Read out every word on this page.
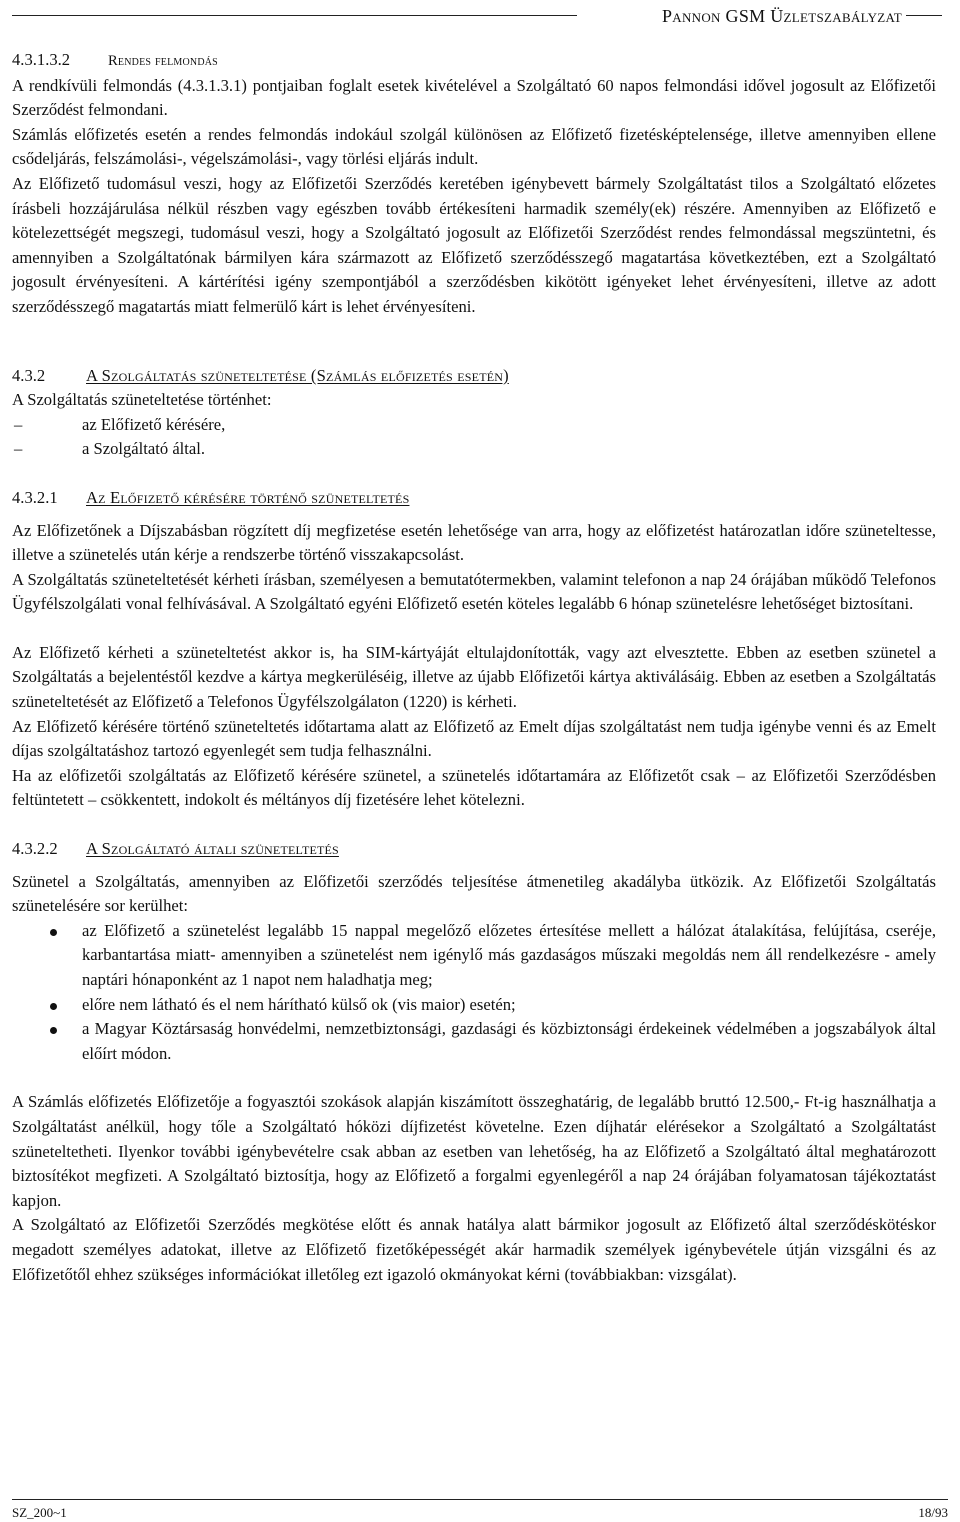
Pannon GSM Üzletszabályzat
4.3.1.3.2	Rendes felmondás

A rendkívüli felmondás (4.3.1.3.1) pontjaiban foglalt esetek kivételével a Szolgáltató 60 napos felmondási idővel jogosult az Előfizetői Szerződést felmondani.

Számlás előfizetés esetén a rendes felmondás indokául szolgál különösen az Előfizető fizetésképtelensége, illetve amennyiben ellene csődeljárás, felszámolási-, végelszámolási-, vagy törlési eljárás indult.

Az Előfizető tudomásul veszi, hogy az Előfizetői Szerződés keretében igénybevett bármely Szolgáltatást tilos a Szolgáltató előzetes írásbeli hozzájárulása nélkül részben vagy egészben tovább értékesíteni harmadik személy(ek) részére. Amennyiben az Előfizető e kötelezettségét megszegi, tudomásul veszi, hogy a Szolgáltató jogosult az Előfizetői Szerződést rendes felmondással megszüntetni, és amennyiben a Szolgáltatónak bármilyen kára származott az Előfizető szerződésszegő magatartása következtében, ezt a Szolgáltató jogosult érvényesíteni. A kártérítési igény szempontjából a szerződésben kikötött igényeket lehet érvényesíteni, illetve az adott szerződésszegő magatartás miatt felmerülő kárt is lehet érvényesíteni.

4.3.2 A Szolgáltatás szüneteltetése (Számlás előfizetés esetén)

A Szolgáltatás szüneteltetése történhet:

–	az Előfizető kérésére,
–	a Szolgáltató által.
4.3.2.1 Az Előfizető kérésére történő szüneteltetés

Az Előfizetőnek a Díjszabásban rögzített díj megfizetése esetén lehetősége van arra, hogy az előfizetést határozatlan időre szüneteltesse, illetve a szünetelés után kérje a rendszerbe történő visszakapcsolást.

A Szolgáltatás szüneteltetését kérheti írásban, személyesen a bemutatótermekben, valamint telefonon a nap 24 órájában működő Telefonos Ügyfélszolgálati vonal felhívásával. A Szolgáltató egyéni Előfizető esetén köteles legalább 6 hónap szünetelésre lehetőséget biztosítani.

Az Előfizető kérheti a szüneteltetést akkor is, ha SIM-kártyáját eltulajdonították, vagy azt elvesztette. Ebben az esetben szünetel a Szolgáltatás a bejelentéstől kezdve a kártya megkerüléséig, illetve az újabb Előfizetői kártya aktiválásáig. Ebben az esetben a Szolgáltatás szüneteltetését az Előfizető a Telefonos Ügyfélszolgálaton (1220) is kérheti.

Az Előfizető kérésére történő szüneteltetés időtartama alatt az Előfizető az Emelt díjas szolgáltatást nem tudja igénybe venni és az Emelt díjas szolgáltatáshoz tartozó egyenlegét sem tudja felhasználni.

Ha az előfizetői szolgáltatás az Előfizető kérésére szünetel, a szünetelés időtartamára az Előfizetőt csak – az Előfizetői Szerződésben feltüntetett – csökkentett, indokolt és méltányos díj fizetésére lehet kötelezni.

4.3.2.2 A Szolgáltató általi szüneteltetés

Szünetel a Szolgáltatás, amennyiben az Előfizetői szerződés teljesítése átmenetileg akadályba ütközik. Az Előfizetői Szolgáltatás szünetelésére sor kerülhet:

az Előfizető a szünetelést legalább 15 nappal megelőző előzetes értesítése mellett a hálózat átalakítása, felújítása, cseréje, karbantartása miatt- amennyiben a szünetelést nem igénylő más gazdaságos műszaki megoldás nem áll rendelkezésre - amely naptári hónaponként az 1 napot nem haladhatja meg;
előre nem látható és el nem hárítható külső ok (vis maior) esetén;
a Magyar Köztársaság honvédelmi, nemzetbiztonsági, gazdasági és közbiztonsági érdekeinek védelmében a jogszabályok által előírt módon.

A Számlás előfizetés Előfizetője a fogyasztói szokások alapján kiszámított összeghatárig, de legalább bruttó 12.500,- Ft-ig használhatja a Szolgáltatást anélkül, hogy tőle a Szolgáltató hóközi díjfizetést követelne. Ezen díjhatár elérésekor a Szolgáltató a Szolgáltatást szüneteltetheti. Ilyenkor további igénybevételre csak abban az esetben van lehetőség, ha az Előfizető a Szolgáltató által meghatározott biztosítékot megfizeti. A Szolgáltató biztosítja, hogy az Előfizető a forgalmi egyenlegéről a nap 24 órájában folyamatosan tájékoztatást kapjon.

A Szolgáltató az Előfizetői Szerződés megkötése előtt és annak hatálya alatt bármikor jogosult az Előfizető által szerződéskötéskor megadott személyes adatokat, illetve az Előfizető fizetőképességét akár harmadik személyek igénybevétele útján vizsgálni és az Előfizetőtől ehhez szükséges információkat illetőleg ezt igazoló okmányokat kérni (továbbiakban: vizsgálat).

SZ_200~1	18/93
